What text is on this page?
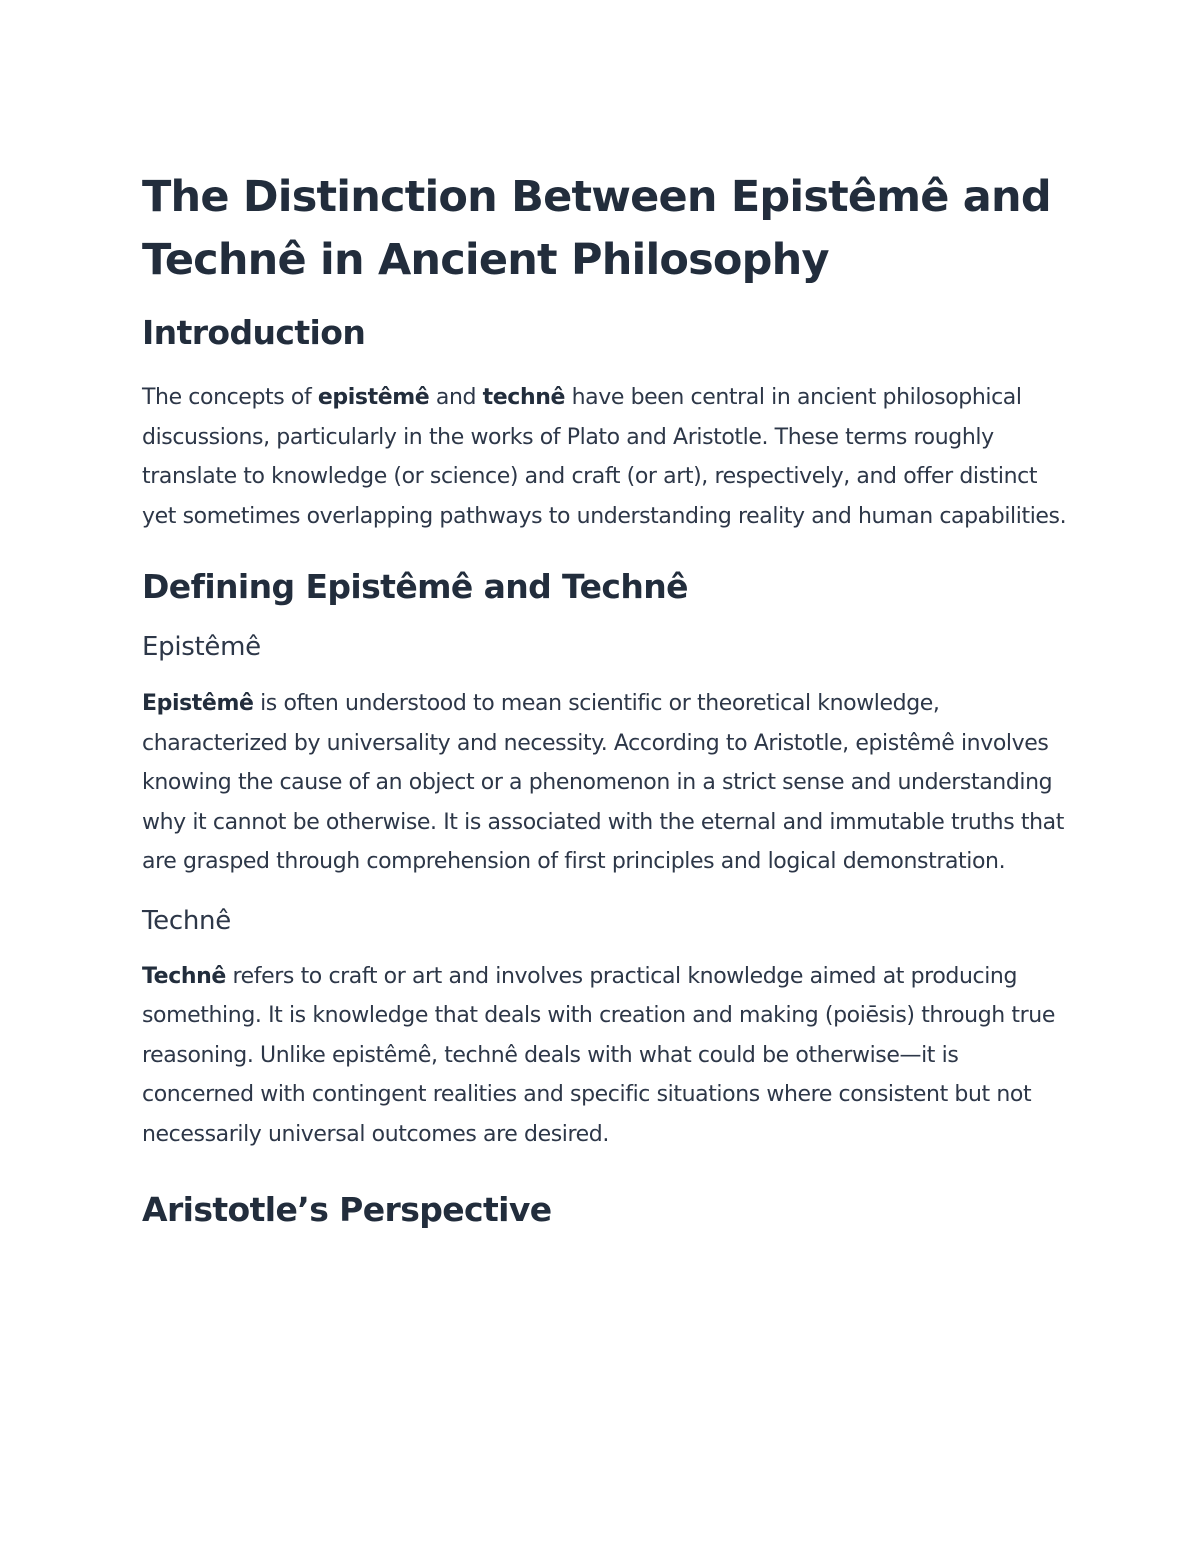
The Distinction Between Epistêmê and Technê in Ancient Philosophy
Introduction

The concepts of epistêmê and technê have been central in ancient philosophical discussions, particularly in the works of Plato and Aristotle. These terms roughly translate to knowledge (or science) and craft (or art), respectively, and offer distinct yet sometimes overlapping pathways to understanding reality and human capabilities.

Defining Epistêmê and Technê
Epistêmê

Epistêmê is often understood to mean scientific or theoretical knowledge, characterized by universality and necessity. According to Aristotle, epistêmê involves knowing the cause of an object or a phenomenon in a strict sense and understanding why it cannot be otherwise. It is associated with the eternal and immutable truths that are grasped through comprehension of first principles and logical demonstration.

Technê

Technê refers to craft or art and involves practical knowledge aimed at producing something. It is knowledge that deals with creation and making (poiēsis) through true reasoning. Unlike epistêmê, technê deals with what could be otherwise—it is concerned with contingent realities and specific situations where consistent but not necessarily universal outcomes are desired.

Aristotle’s Perspective
